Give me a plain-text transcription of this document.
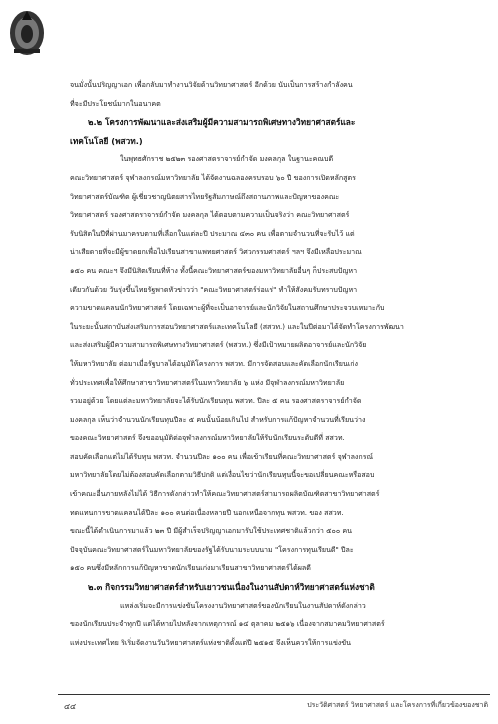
จนมั่งนั้นปริญญาเอก เพื่อกลับมาทำงานวิจัยด้านวิทยาศาสตร์ อีกด้วย นับเป็นการสร้างกำลังคน
ที่จะมีประโยชน์มากในอนาคต
๒.๒ โครงการพัฒนาและส่งเสริมผู้มีความสามารถพิเศษทางวิทยาศาสตร์และ
เทคโนโลยี (พสวท.)
ในพุทธศักราช ๒๕๒๓ รองศาสตราจารย์กำจัด มงคลกุล ในฐานะคณบดี
คณะวิทยาศาสตร์ จุฬาลงกรณ์มหาวิทยาลัย ได้จัดงานฉลองครบรอบ ๖๐ ปี ของการเปิดหลักสูตร
วิทยาศาสตร์บัณฑิต ผู้เชี่ยวชาญนิตยสารไทยรัฐสัมภาษณ์ถึงสถานภาพและปัญหาของคณะ
วิทยาศาสตร์ รองศาสตราจารย์กำจัด มงคลกุล ได้ตอบตามความเป็นจริงว่า คณะวิทยาศาสตร์
รับนิสิตในปีที่ผ่านมาครบตามที่เลือกในแต่ละปี ประมาณ ๔๓๐ คน เพื่อตามจำนวนที่จะรับไว้ แต่
น่าเสียดายที่จะมีผู้ขาดยกเพื่อไปเรียนสาขาแพทยศาสตร์ วิศวกรรมศาสตร์ ฯลฯ จึงมีเหลือประมาณ
๑๕๐ คน คณะฯ จึงมีนิสิตเรียนที่ห้าง ทั้งนี้คณะวิทยาศาสตร์ของมหาวิทยาลัยอื่นๆ ก็ประสบปัญหา
เดียวกันด้วย วันรุ่งขึ้นไทยรัฐพาดหัวข่าวว่า "คณะวิทยาศาสตร์ร่อแร่" ทำให้สังคมรับทราบปัญหา
ความขาดแคลนนักวิทยาศาสตร์ โดยเฉพาะผู้ที่จะเป็นอาจารย์และนักวิจัยในสถานศึกษาประจวบเหมาะกับ
ในระยะนั้นสถาบันส่งเสริมการสอนวิทยาศาสตร์และเทคโนโลยี (สสวท.) และในปีต่อมาได้จัดทำโครงการพัฒนา
และส่งเสริมผู้มีความสามารถพิเศษทางวิทยาศาสตร์ (พสวท.) ซึ่งมีเป้าหมายผลิตอาจารย์และนักวิจัย
ให้มหาวิทยาลัย ต่อมาเมื่อรัฐบาลได้อนุมัติโครงการ พสวท. มีการจัดสอบและคัดเลือกนักเรียนเก่ง
ทั่วประเทศเพื่อให้ศึกษาสาขาวิทยาศาสตร์ในมหาวิทยาลัย ๖ แห่ง มีจุฬาลงกรณ์มหาวิทยาลัย
รวมอยู่ด้วย โดยแต่ละมหาวิทยาลัยจะได้รับนักเรียนทุน พสวท. ปีละ ๕ คน รองศาสตราจารย์กำจัด
มงคลกุล เห็นว่าจำนวนนักเรียนทุนปีละ ๕ คนนั้นน้อยเกินไป สำหรับการแก้ปัญหาจำนวนที่เรียนว่าง
ของคณะวิทยาศาสตร์ จึงขออนุมัติต่อจุฬาลงกรณ์มหาวิทยาลัยให้รับนักเรียนระดับดีที่ สสวท.
สอบคัดเลือกแต่ไม่ได้รับทุน พสวท. จำนวนปีละ ๑๐๐ คน เพื่อเข้าเรียนที่คณะวิทยาศาสตร์ จุฬาลงกรณ์
มหาวิทยาลัยโดยไม่ต้องสอบคัดเลือกตามวิธีปกติ แต่เงื่อนไขว่านักเรียนทุนนี้จะขอเปลี่ยนคณะหรือสอบ
เข้าคณะอื่นภายหลังไม่ได้ วิธีการดังกล่าวทำให้คณะวิทยาศาสตร์สามารถผลิตบัณฑิตสาขาวิทยาศาสตร์
ทดแทนการขาดแคลนได้ปีละ ๑๐๐ คนต่อเนื่องหลายปี นอกเหนือจากทุน พสวท. ของ สสวท.
ขณะนี้ได้ดำเนินการมาแล้ว ๒๓ ปี มีผู้สำเร็จปริญญาเอกมารับใช้ประเทศชาติแล้วกว่า ๕๐๐ คน
ปัจจุบันคณะวิทยาศาสตร์ในมหาวิทยาลัยของรัฐได้รับนามระบบนาม "โครงการทุนเรียนดี" ปีละ
๑๕๐ คนซึ่งมีหลักการแก้ปัญหาขาดนักเรียนเก่งมาเรียนสาขาวิทยาศาสตร์ได้ผลดี
๒.๓ กิจกรรมวิทยาศาสตร์สำหรับเยาวชนเนื่องในงานสัปดาห์วิทยาศาสตร์แห่งชาติ
แหล่งเริ่มจะมีการแข่งขันโครงงานวิทยาศาสตร์ของนักเรียนในงานสัปดาห์ดังกล่าว
ของนักเรียนประจำทุกปี แต่ได้หายไปหลังจากเหตุการณ์ ๑๔ ตุลาคม ๒๕๑๖ เนื่องจากสมาคมวิทยาศาสตร์
แห่งประเทศไทย ริเริ่มจัดงานวันวิทยาศาสตร์แห่งชาติตั้งแต่ปี ๒๕๑๕ จึงเห็นควรให้การแข่งขัน
๔๔	ประวัติศาสตร์ วิทยาศาสตร์ และโครงการที่เกี่ยวข้องของชาติ
